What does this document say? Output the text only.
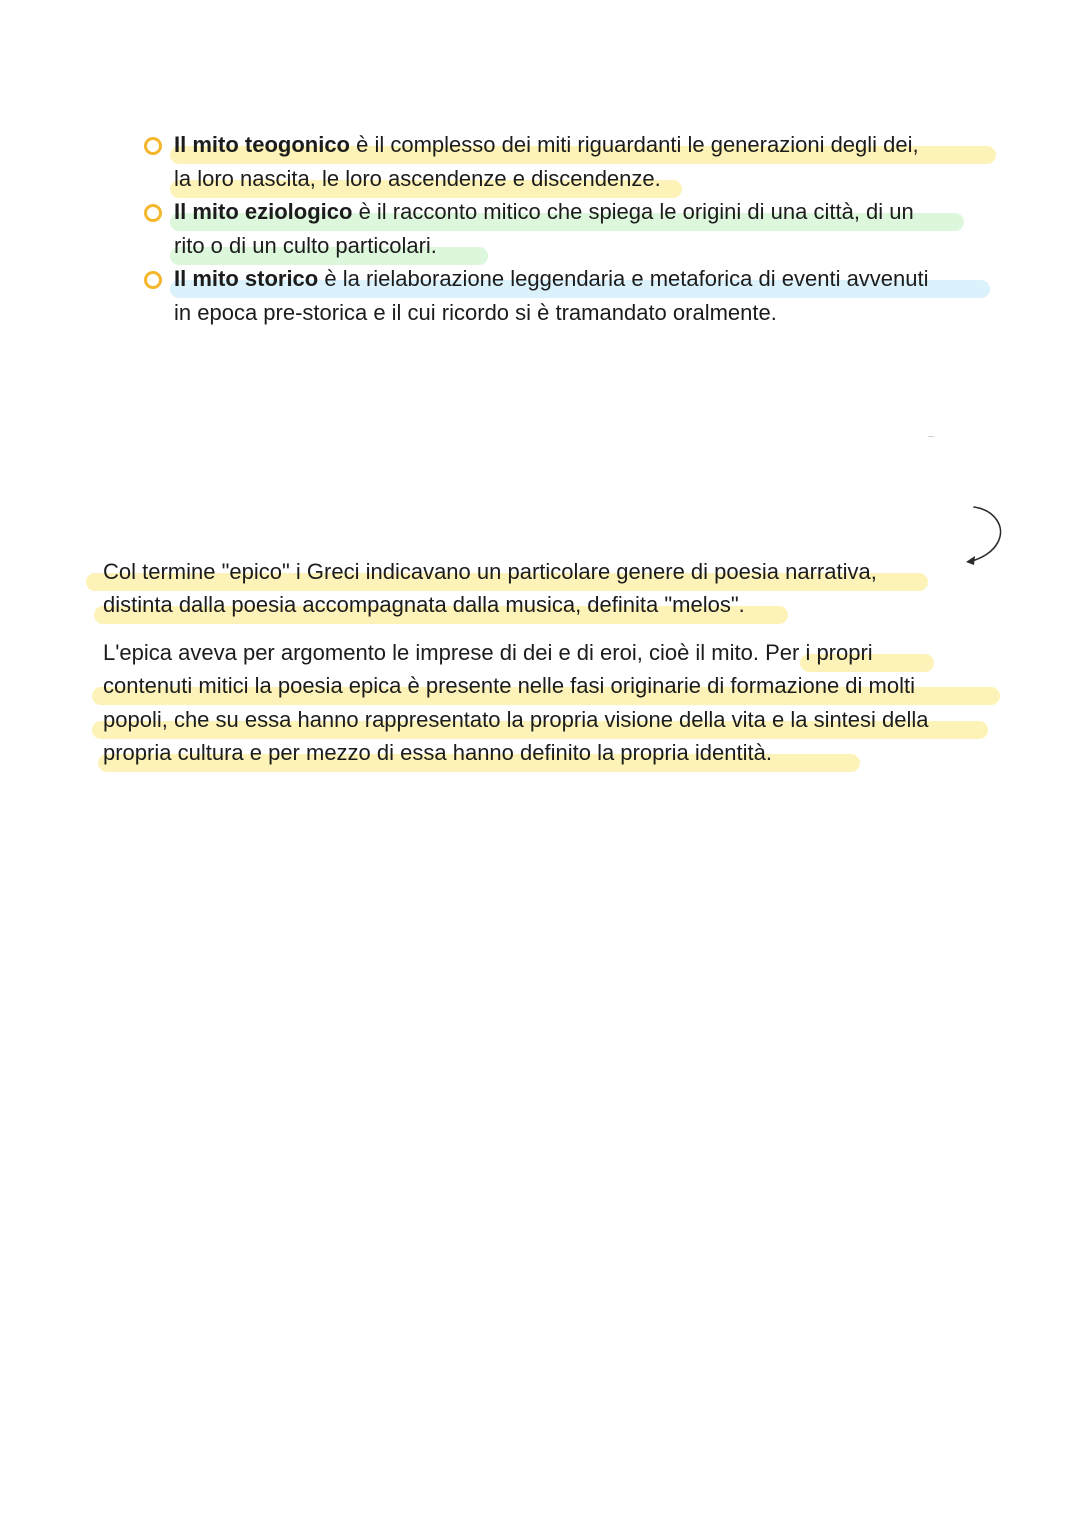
Il mito teogonico è il complesso dei miti riguardanti le generazioni degli dei,
la loro nascita, le loro ascendenze e discendenze.
Il mito eziologico è il racconto mitico che spiega le origini di una città, di un
rito o di un culto particolari.
Il mito storico è la rielaborazione leggendaria e metaforica di eventi avvenuti
in epoca pre-storica e il cui ricordo si è tramandato oralmente.
Col termine "epico" i Greci indicavano un particolare genere di poesia narrativa,
distinta dalla poesia accompagnata dalla musica, definita "melos".
L'epica aveva per argomento le imprese di dei e di eroi, cioè il mito. Per i propri
contenuti mitici la poesia epica è presente nelle fasi originarie di formazione di molti
popoli, che su essa hanno rappresentato la propria visione della vita e la sintesi della
propria cultura e per mezzo di essa hanno definito la propria identità.
